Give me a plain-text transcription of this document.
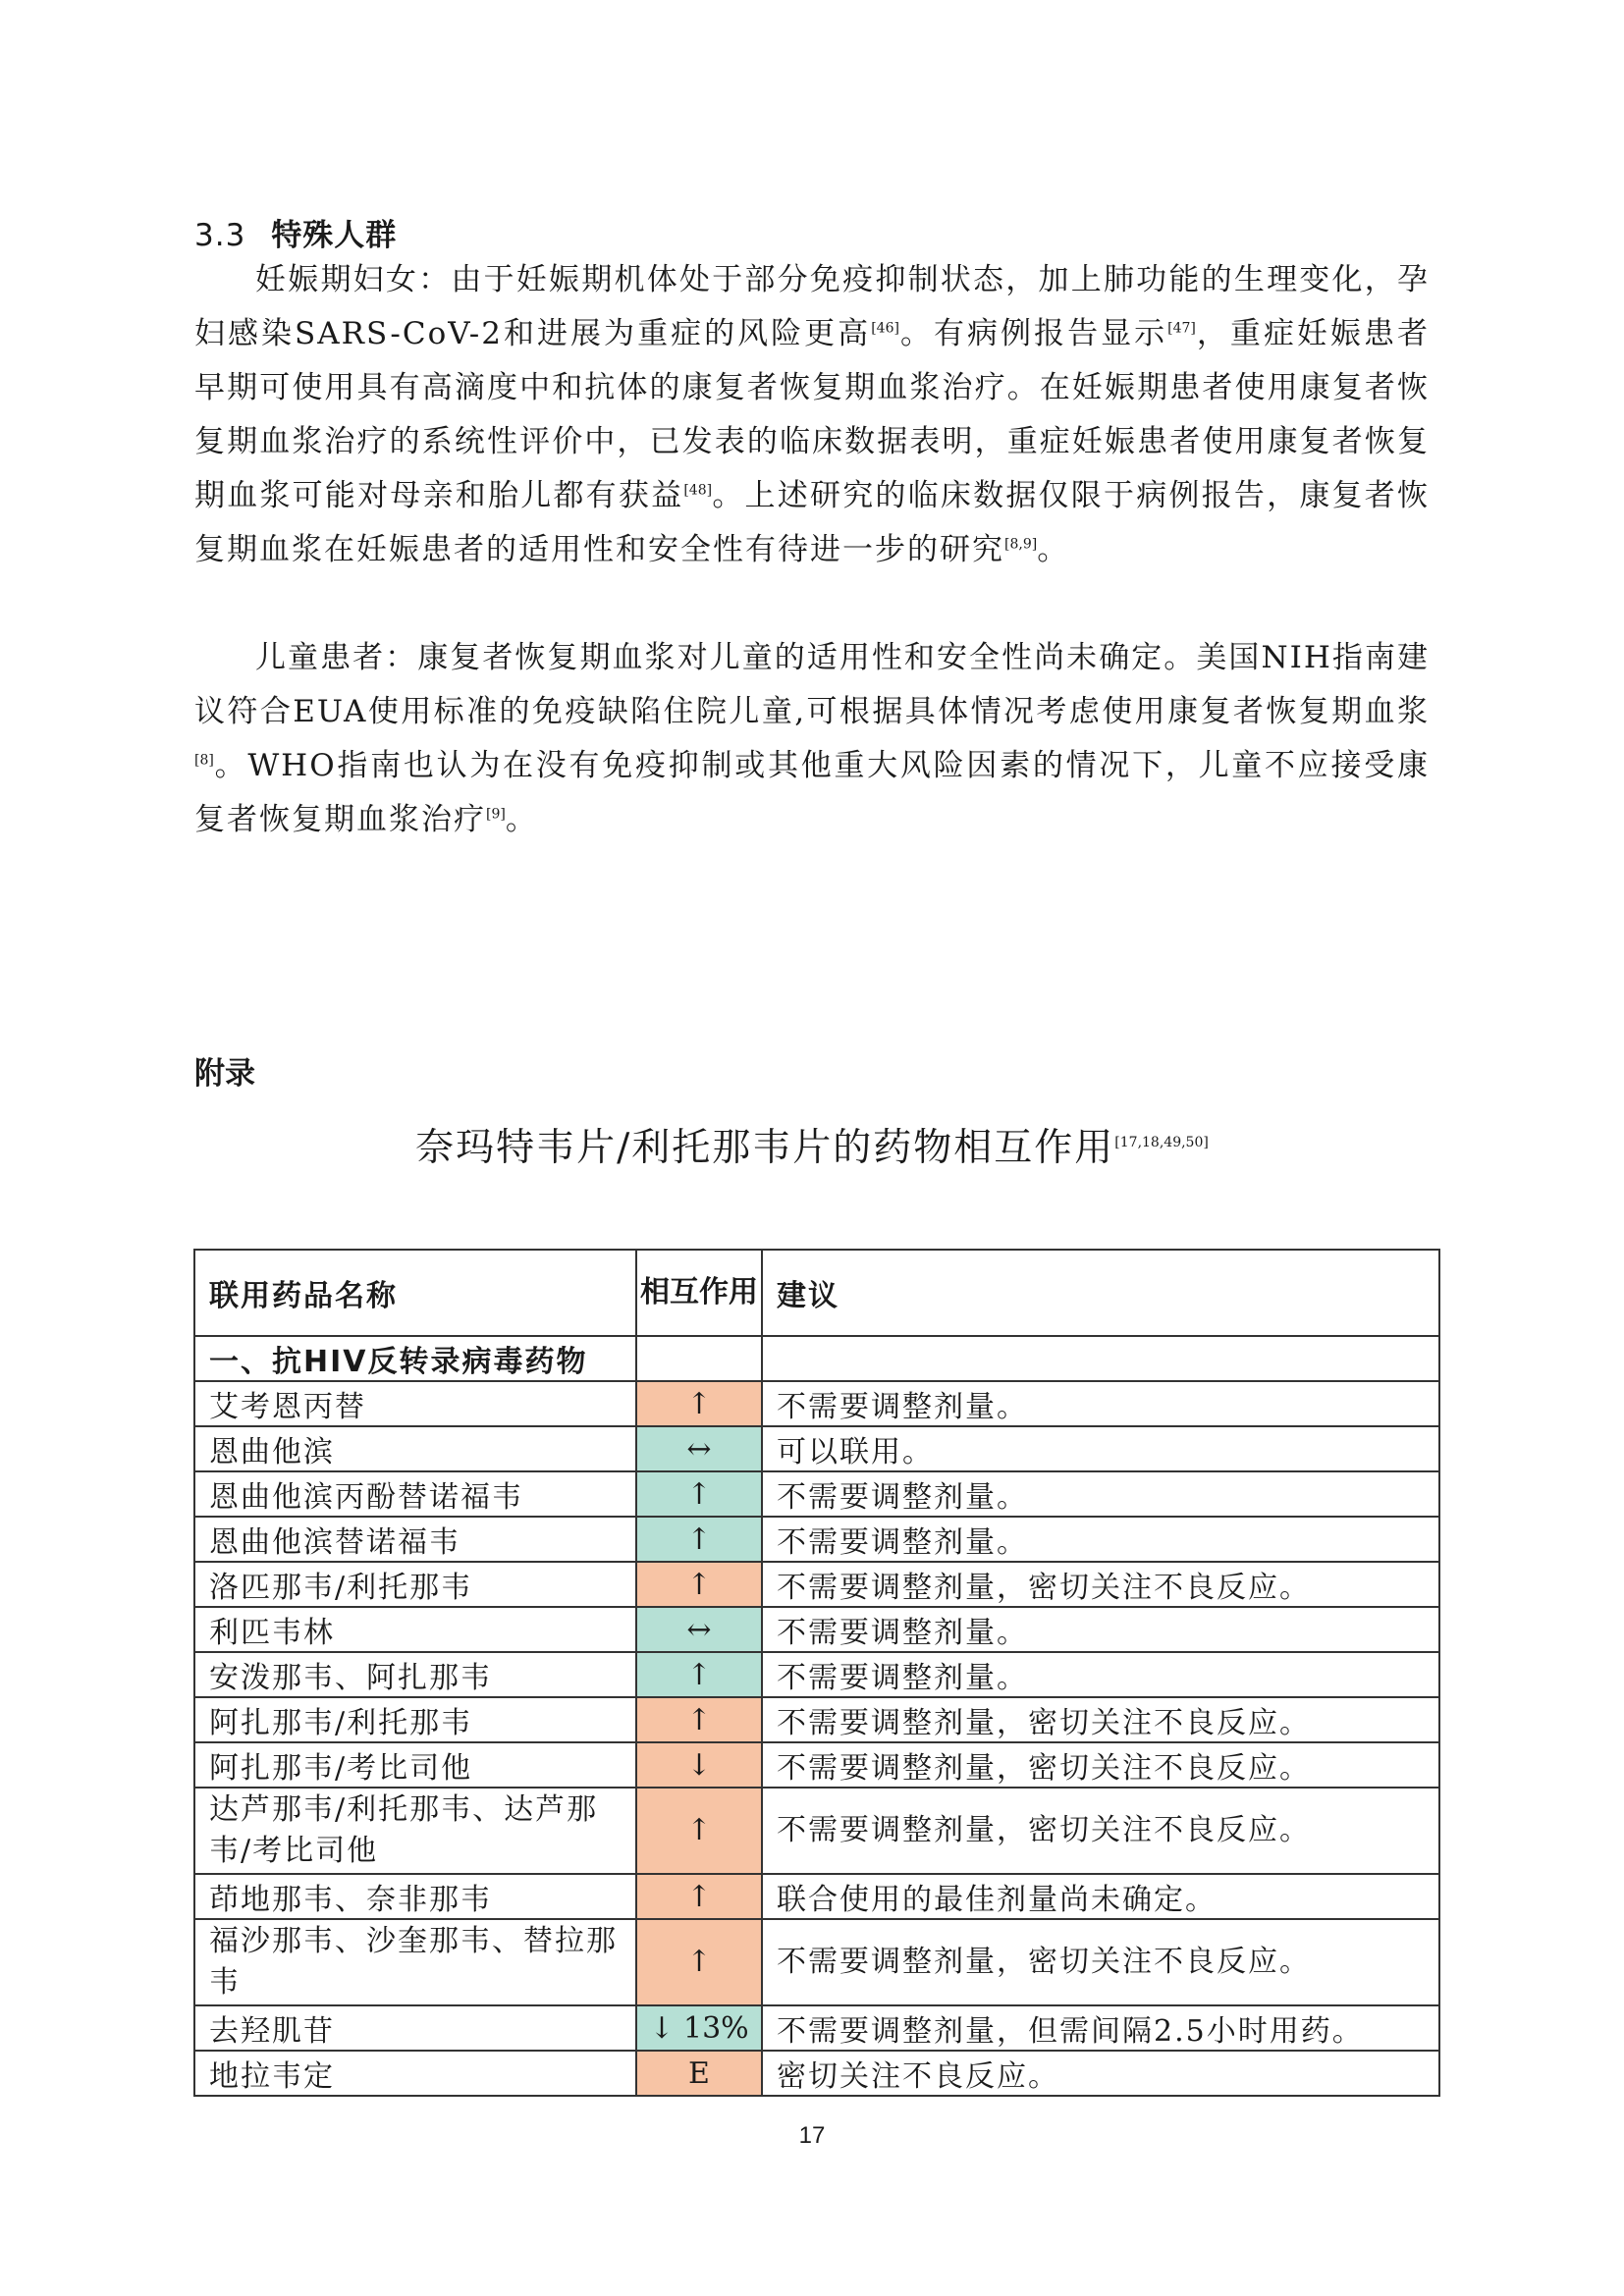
3.3 特殊人群

妊娠期妇女：由于妊娠期机体处于部分免疫抑制状态，加上肺功能的生理变化，孕妇感染SARS-CoV-2和进展为重症的风险更高[46]。有病例报告显示[47]，重症妊娠患者早期可使用具有高滴度中和抗体的康复者恢复期血浆治疗。在妊娠期患者使用康复者恢复期血浆治疗的系统性评价中，已发表的临床数据表明，重症妊娠患者使用康复者恢复期血浆可能对母亲和胎儿都有获益[48]。上述研究的临床数据仅限于病例报告，康复者恢复期血浆在妊娠患者的适用性和安全性有待进一步的研究[8,9]。

儿童患者：康复者恢复期血浆对儿童的适用性和安全性尚未确定。美国NIH指南建议符合EUA使用标准的免疫缺陷住院儿童,可根据具体情况考虑使用康复者恢复期血浆[8]。WHO指南也认为在没有免疫抑制或其他重大风险因素的情况下，儿童不应接受康复者恢复期血浆治疗[9]。

附录
奈玛特韦片/利托那韦片的药物相互作用[17,18,49,50]
联用药品名称	相互作用	建议
一、抗HIV反转录病毒药物		
艾考恩丙替	↑	不需要调整剂量。
恩曲他滨	↔	可以联用。
恩曲他滨丙酚替诺福韦	↑	不需要调整剂量。
恩曲他滨替诺福韦	↑	不需要调整剂量。
洛匹那韦/利托那韦	↑	不需要调整剂量，密切关注不良反应。
利匹韦林	↔	不需要调整剂量。
安泼那韦、阿扎那韦	↑	不需要调整剂量。
阿扎那韦/利托那韦	↑	不需要调整剂量，密切关注不良反应。
阿扎那韦/考比司他	↓	不需要调整剂量，密切关注不良反应。
达芦那韦/利托那韦、达芦那韦/考比司他	↑	不需要调整剂量，密切关注不良反应。
茚地那韦、奈非那韦	↑	联合使用的最佳剂量尚未确定。
福沙那韦、沙奎那韦、替拉那韦	↑	不需要调整剂量，密切关注不良反应。
去羟肌苷	↓ 13%	不需要调整剂量，但需间隔2.5小时用药。
地拉韦定	E	密切关注不良反应。
17
